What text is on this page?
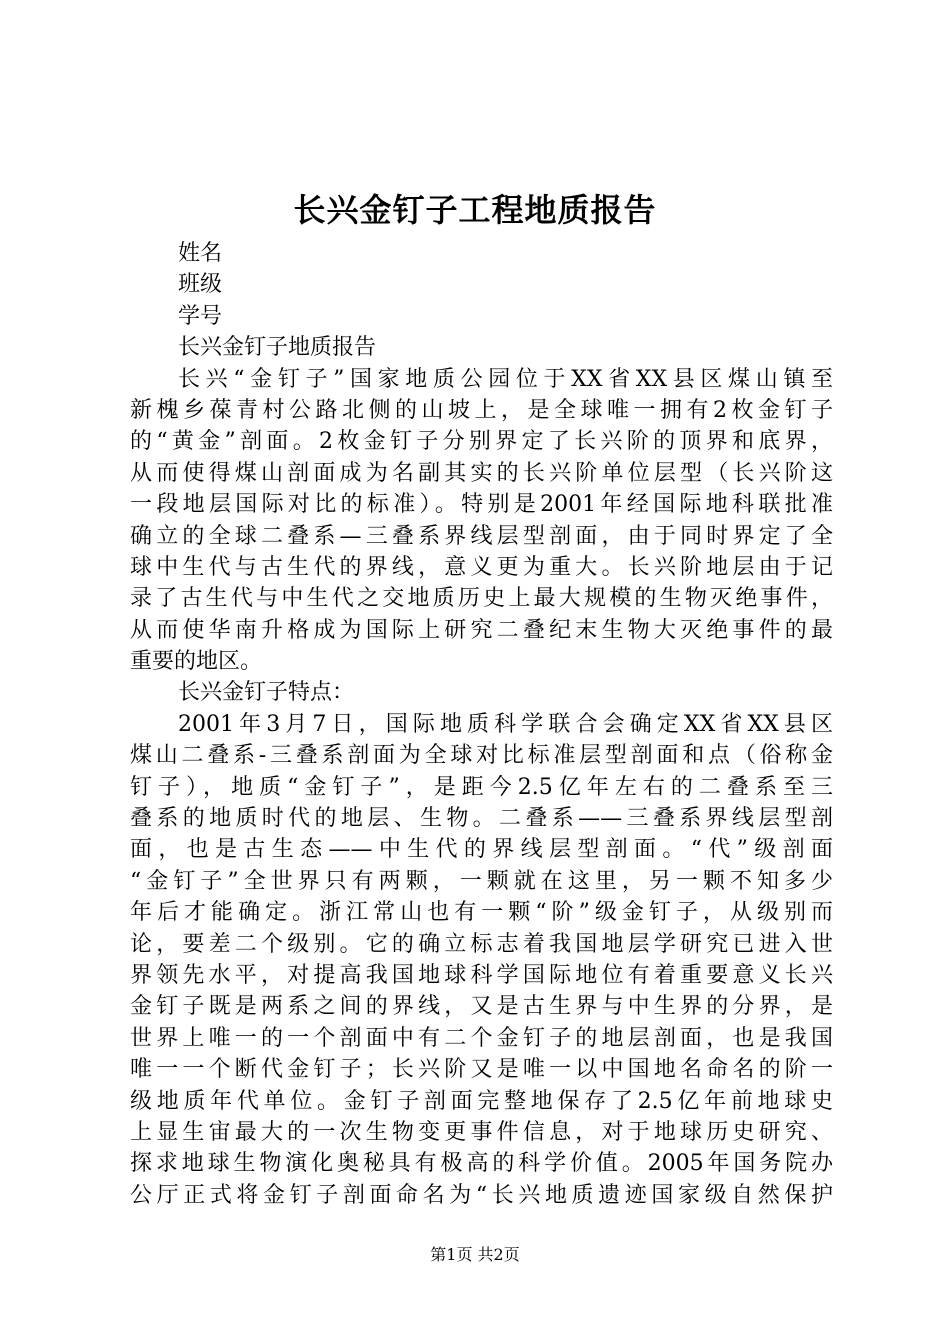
长兴金钉子工程地质报告
姓名
班级
学号
长兴金钉子地质报告
长兴“金钉子”国家地质公园位于XX省XX县区煤山镇至
新槐乡葆青村公路北侧的山坡上，是全球唯一拥有2枚金钉子
的“黄金”剖面。2枚金钉子分别界定了长兴阶的顶界和底界，
从而使得煤山剖面成为名副其实的长兴阶单位层型（长兴阶这
一段地层国际对比的标准）。特别是2001年经国际地科联批准
确立的全球二叠系—三叠系界线层型剖面，由于同时界定了全
球中生代与古生代的界线，意义更为重大。长兴阶地层由于记
录了古生代与中生代之交地质历史上最大规模的生物灭绝事件，
从而使华南升格成为国际上研究二叠纪末生物大灭绝事件的最
重要的地区。
长兴金钉子特点：
2001年3月7日，国际地质科学联合会确定XX省XX县区
煤山二叠系-三叠系剖面为全球对比标准层型剖面和点（俗称金
钉子），地质“金钉子”，是距今2.5亿年左右的二叠系至三
叠系的地质时代的地层、生物。二叠系——三叠系界线层型剖
面，也是古生态——中生代的界线层型剖面。“代”级剖面
“金钉子”全世界只有两颗，一颗就在这里，另一颗不知多少
年后才能确定。浙江常山也有一颗“阶”级金钉子，从级别而
论，要差二个级别。它的确立标志着我国地层学研究已进入世
界领先水平，对提高我国地球科学国际地位有着重要意义长兴
金钉子既是两系之间的界线，又是古生界与中生界的分界，是
世界上唯一的一个剖面中有二个金钉子的地层剖面，也是我国
唯一一个断代金钉子；长兴阶又是唯一以中国地名命名的阶一
级地质年代单位。金钉子剖面完整地保存了2.5亿年前地球史
上显生宙最大的一次生物变更事件信息，对于地球历史研究、
探求地球生物演化奥秘具有极高的科学价值。2005年国务院办
公厅正式将金钉子剖面命名为“长兴地质遗迹国家级自然保护
第1页 共2页
